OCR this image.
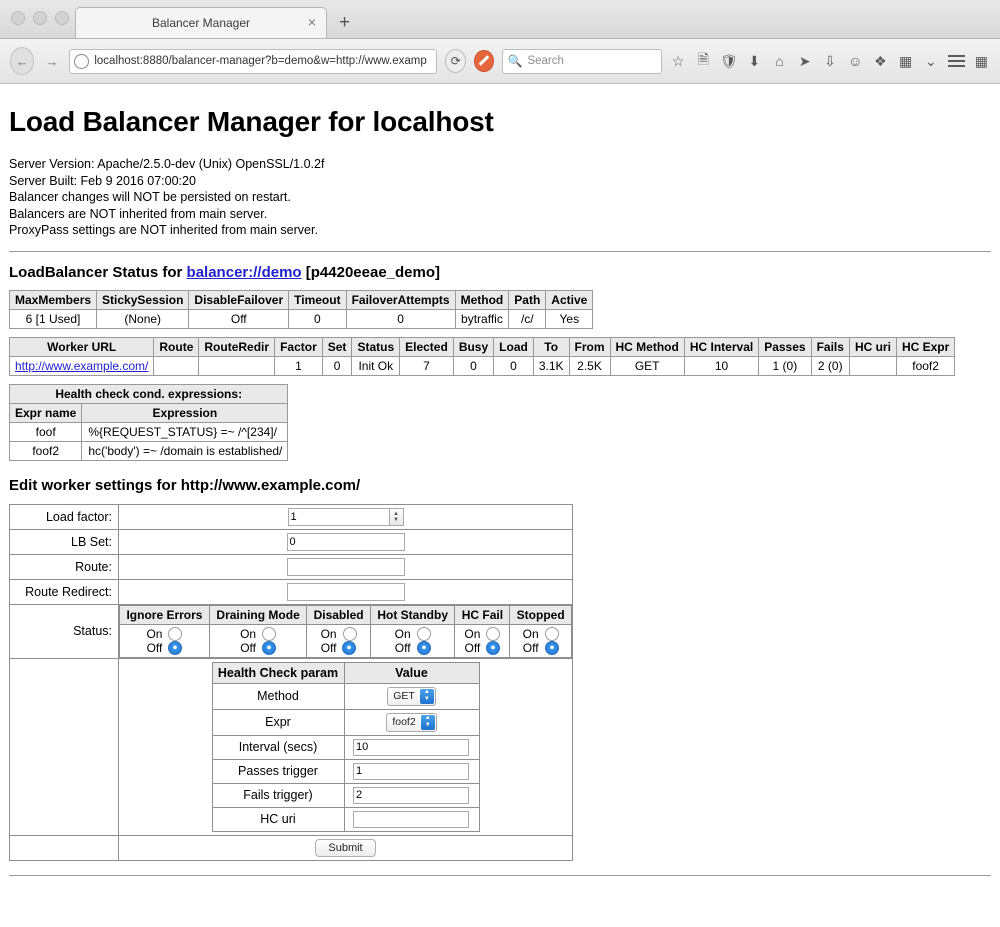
Balancer Manager	× +
←	→	localhost:8880/balancer-manager?b=demo&w=http://www.examp	⟳	🔍 Search	☆ 🗎 🛡 ⬇	⌂	➤ ⇩ ☺ ❖ ▦ ⌄	▦
Load Balancer Manager for localhost
Server Version: Apache/2.5.0-dev (Unix) OpenSSL/1.0.2f
Server Built: Feb 9 2016 07:00:20
Balancer changes will NOT be persisted on restart.
Balancers are NOT inherited from main server.
ProxyPass settings are NOT inherited from main server.
LoadBalancer Status for balancer://demo [p4420eeae_demo]
MaxMembers	StickySession	DisableFailover	Timeout	FailoverAttempts	Method	Path	Active
6 [1 Used]	(None)	Off	0	0	bytraffic	/c/	Yes
Worker URL	Route	RouteRedir	Factor	Set	Status	Elected	Busy	Load	To	From	HC Method	HC Interval	Passes	Fails	HC uri	HC Expr
http://www.example.com/			1	0	Init Ok	7	0	0	3.1K	2.5K	GET	10	1 (0)	2 (0)		foof2
Health check cond. expressions:	
Expr name	Expression
foof	%{REQUEST_STATUS} =~ /^[234]/
foof2	hc('body') =~ /domain is established/
Edit worker settings for http://www.example.com/
Load factor:	
1▲
▼

LB Set:	0
Route:	
Route Redirect:	
Status:	
Ignore Errors	Draining Mode	Disabled	Hot Standby	HC Fail	Stopped

On
Off

On
Off

On
Off

On
Off

On
Off

On
Off

Health Check param	Value
Method	GET	▲
▼

Expr	foof2	▲
▼

Interval (secs)	10
Passes trigger	1
Fails trigger)	2
HC uri	

	Submit
